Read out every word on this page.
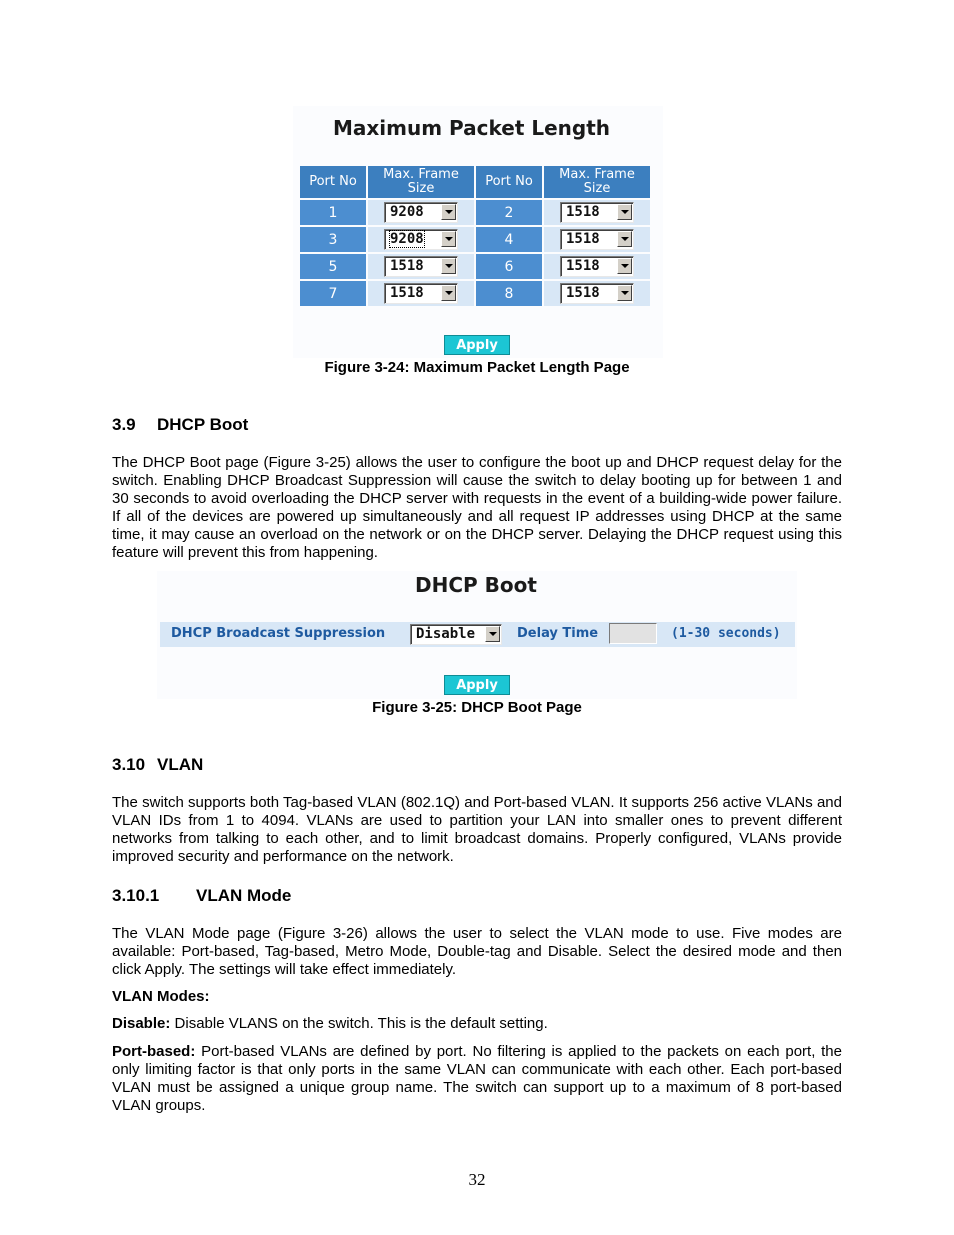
Maximum Packet Length
Port No	Max. Frame Size	Port No	Max. Frame Size
1	9208	2	1518

3	9208	4	1518

5	1518	6	1518

7	1518	8	1518
Apply
Figure 3-24: Maximum Packet Length Page
3.9 DHCP Boot

The DHCP Boot page (Figure 3-25) allows the user to configure the boot up and DHCP request delay for the switch. Enabling DHCP Broadcast Suppression will cause the switch to delay booting up for between 1 and 30 seconds to avoid overloading the DHCP server with requests in the event of a building-wide power failure. If all of the devices are powered up simultaneously and all request IP addresses using DHCP at the same time, it may cause an overload on the network or on the DHCP server. Delaying the DHCP request using this feature will prevent this from happening.

DHCP Boot
DHCP Broadcast Suppression Disable	Delay Time	(1-30 seconds)
Apply
Figure 3-25: DHCP Boot Page
3.10 VLAN

The switch supports both Tag-based VLAN (802.1Q) and Port-based VLAN. It supports 256 active VLANs and VLAN IDs from 1 to 4094. VLANs are used to partition your LAN into smaller ones to prevent different networks from talking to each other, and to limit broadcast domains. Properly configured, VLANs provide improved security and performance on the network.

3.10.1 VLAN Mode

The VLAN Mode page (Figure 3-26) allows the user to select the VLAN mode to use. Five modes are available: Port-based, Tag-based, Metro Mode, Double-tag and Disable. Select the desired mode and then click Apply. The settings will take effect immediately.

VLAN Modes:

Disable: Disable VLANS on the switch. This is the default setting.

Port-based: Port-based VLANs are defined by port. No filtering is applied to the packets on each port, the only limiting factor is that only ports in the same VLAN can communicate with each other. Each port-based VLAN must be assigned a unique group name. The switch can support up to a maximum of 8 port-based VLAN groups.

32
